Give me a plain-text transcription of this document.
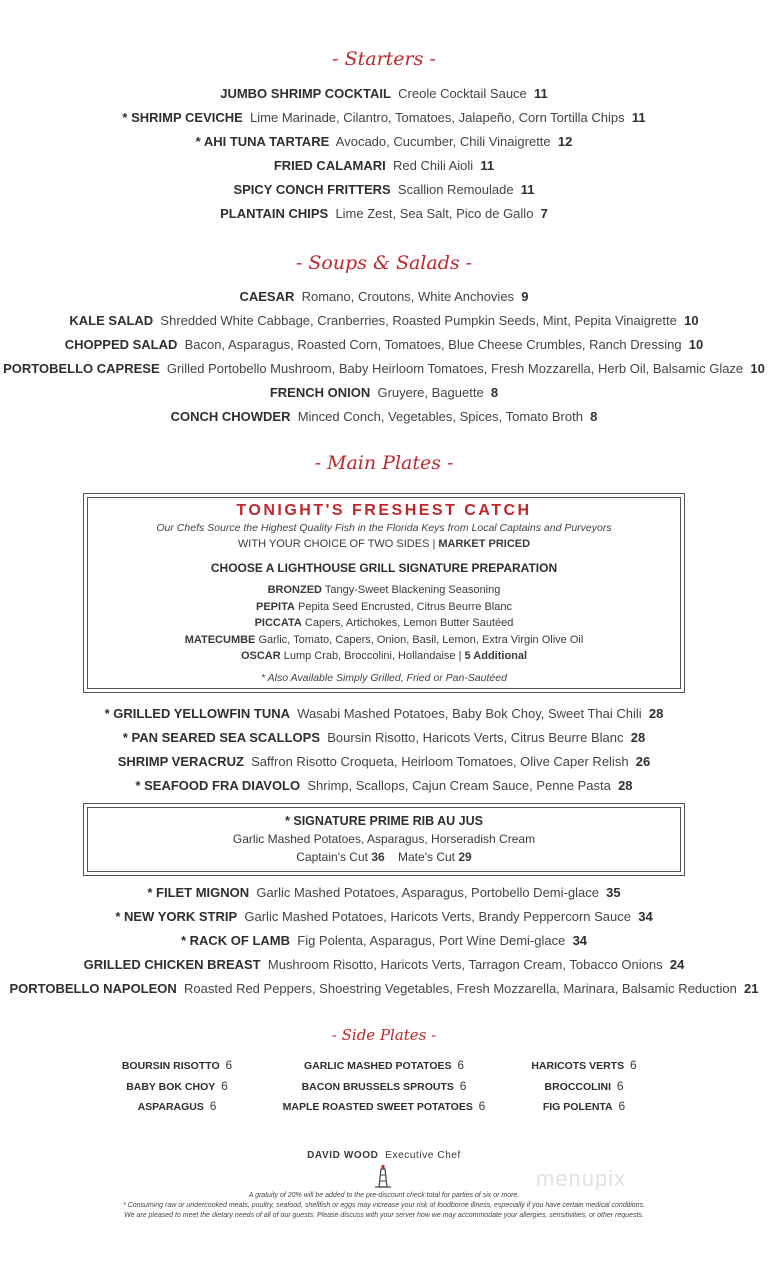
- Starters -
JUMBO SHRIMP COCKTAIL Creole Cocktail Sauce 11
* SHRIMP CEVICHE Lime Marinade, Cilantro, Tomatoes, Jalapeño, Corn Tortilla Chips 11
* AHI TUNA TARTARE Avocado, Cucumber, Chili Vinaigrette 12
FRIED CALAMARI Red Chili Aioli 11
SPICY CONCH FRITTERS Scallion Remoulade 11
PLANTAIN CHIPS Lime Zest, Sea Salt, Pico de Gallo 7
- Soups & Salads -
CAESAR Romano, Croutons, White Anchovies 9
KALE SALAD Shredded White Cabbage, Cranberries, Roasted Pumpkin Seeds, Mint, Pepita Vinaigrette 10
CHOPPED SALAD Bacon, Asparagus, Roasted Corn, Tomatoes, Blue Cheese Crumbles, Ranch Dressing 10
PORTOBELLO CAPRESE Grilled Portobello Mushroom, Baby Heirloom Tomatoes, Fresh Mozzarella, Herb Oil, Balsamic Glaze 10
FRENCH ONION Gruyere, Baguette 8
CONCH CHOWDER Minced Conch, Vegetables, Spices, Tomato Broth 8
- Main Plates -
TONIGHT'S FRESHEST CATCH
Our Chefs Source the Highest Quality Fish in the Florida Keys from Local Captains and Purveyors
WITH YOUR CHOICE OF TWO SIDES | MARKET PRICED
CHOOSE A LIGHTHOUSE GRILL SIGNATURE PREPARATION
BRONZED Tangy-Sweet Blackening Seasoning
PEPITA Pepita Seed Encrusted, Citrus Beurre Blanc
PICCATA Capers, Artichokes, Lemon Butter Sautéed
MATECUMBE Garlic, Tomato, Capers, Onion, Basil, Lemon, Extra Virgin Olive Oil
OSCAR Lump Crab, Broccolini, Hollandaise | 5 Additional
* Also Available Simply Grilled, Fried or Pan-Sautéed
* GRILLED YELLOWFIN TUNA Wasabi Mashed Potatoes, Baby Bok Choy, Sweet Thai Chili 28
* PAN SEARED SEA SCALLOPS Boursin Risotto, Haricots Verts, Citrus Beurre Blanc 28
SHRIMP VERACRUZ Saffron Risotto Croqueta, Heirloom Tomatoes, Olive Caper Relish 26
* SEAFOOD FRA DIAVOLO Shrimp, Scallops, Cajun Cream Sauce, Penne Pasta 28
* SIGNATURE PRIME RIB AU JUS
Garlic Mashed Potatoes, Asparagus, Horseradish Cream
Captain's Cut 36 Mate's Cut 29
* FILET MIGNON Garlic Mashed Potatoes, Asparagus, Portobello Demi-glace 35
* NEW YORK STRIP Garlic Mashed Potatoes, Haricots Verts, Brandy Peppercorn Sauce 34
* RACK OF LAMB Fig Polenta, Asparagus, Port Wine Demi-glace 34
GRILLED CHICKEN BREAST Mushroom Risotto, Haricots Verts, Tarragon Cream, Tobacco Onions 24
PORTOBELLO NAPOLEON Roasted Red Peppers, Shoestring Vegetables, Fresh Mozzarella, Marinara, Balsamic Reduction 21
- Side Plates -
BOURSIN RISOTTO 6
BABY BOK CHOY 6
ASPARAGUS 6
GARLIC MASHED POTATOES 6
BACON BRUSSELS SPROUTS 6
MAPLE ROASTED SWEET POTATOES 6
HARICOTS VERTS 6
BROCCOLINI 6
FIG POLENTA 6
DAVID WOOD Executive Chef
menupix
A gratuity of 20% will be added to the pre-discount check total for parties of six or more.
* Consuming raw or undercooked meats, poultry, seafood, shellfish or eggs may increase your risk of foodborne illness, especially if you have certain medical conditions.
We are pleased to meet the dietary needs of all of our guests. Please discuss with your server how we may accommodate your allergies, sensitivities, or other requests.
